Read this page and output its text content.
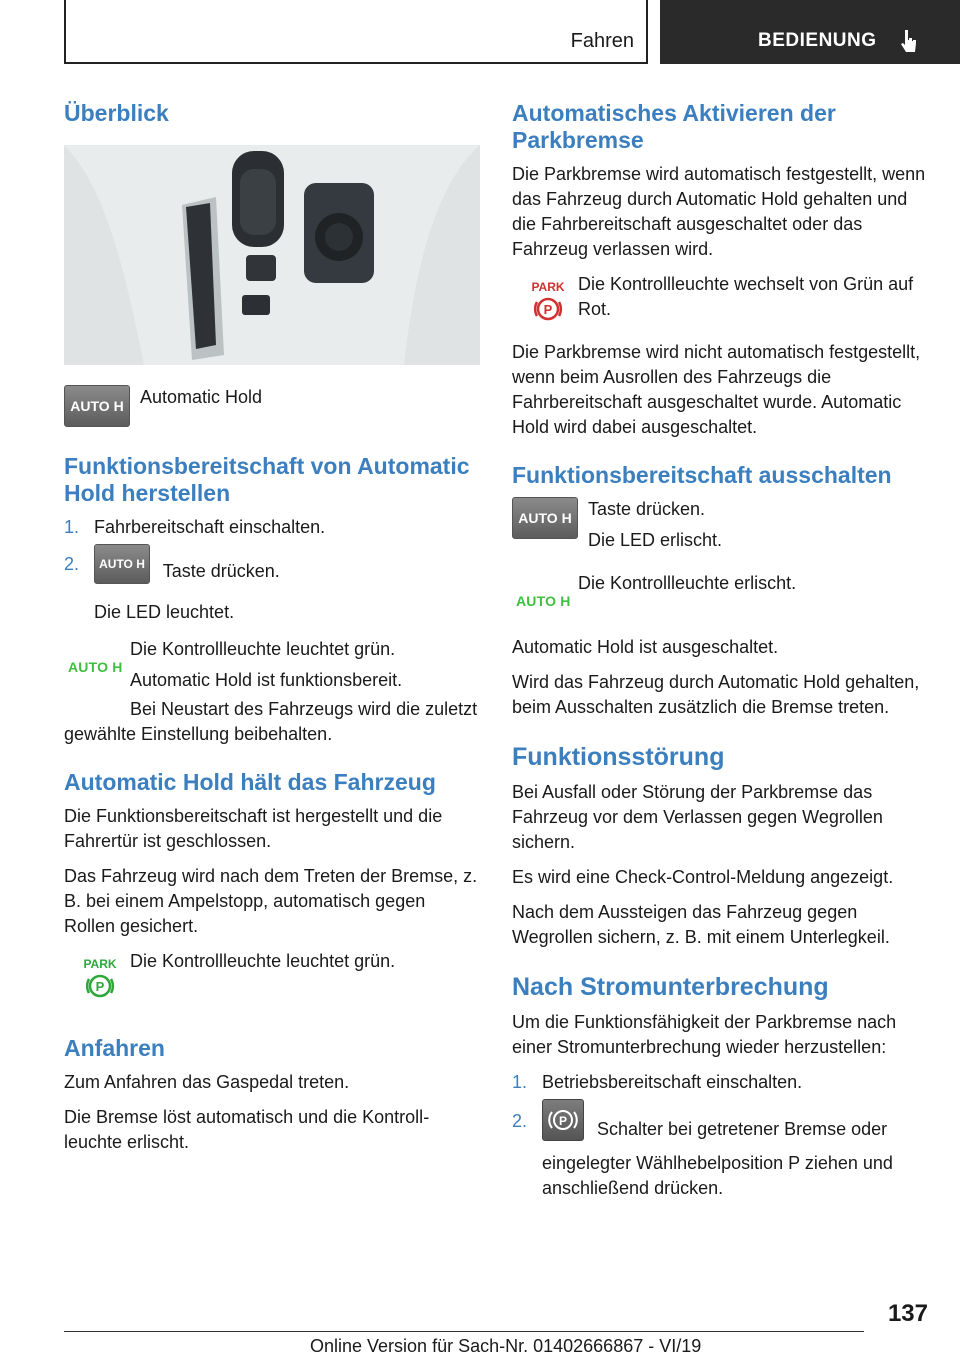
Fahren	BEDIENUNG
Überblick
AUTO H Automatic Hold

Funktionsbereitschaft von Automatic Hold herstellen
1. Fahrbereitschaft einschalten.
2. AUTO H Taste drücken.

Die LED leuchtet.

AUTO H

Die Kontrollleuchte leuchtet grün.

Automatic Hold ist funktionsbereit.

Bei Neustart des Fahrzeugs wird die zuletzt gewählte Einstellung beibehalten.

Automatic Hold hält das Fahrzeug

Die Funktionsbereitschaft ist hergestellt und die Fahrertür ist geschlossen.

Das Fahrzeug wird nach dem Treten der Bremse, z. B. bei einem Ampelstopp, automatisch gegen Rollen gesichert.

PARK
P

Die Kontrollleuchte leuchtet grün.

Anfahren

Zum Anfahren das Gaspedal treten.

Die Bremse löst automatisch und die Kontrollleuchte erlischt.

Automatisches Aktivieren der Parkbremse

Die Parkbremse wird automatisch festgestellt, wenn das Fahrzeug durch Automatic Hold gehalten und die Fahrbereitschaft ausgeschaltet oder das Fahrzeug verlassen wird.

PARK
P

Die Kontrollleuchte wechselt von Grün auf Rot.

Die Parkbremse wird nicht automatisch festgestellt, wenn beim Ausrollen des Fahrzeugs die Fahrbereitschaft ausgeschaltet wurde. Automatic Hold wird dabei ausgeschaltet.

Funktionsbereitschaft ausschalten
AUTO H Taste drücken.

Die LED erlischt.

AUTO H

Die Kontrollleuchte erlischt.

Automatic Hold ist ausgeschaltet.

Wird das Fahrzeug durch Automatic Hold gehalten, beim Ausschalten zusätzlich die Bremse treten.

Funktionsstörung

Bei Ausfall oder Störung der Parkbremse das Fahrzeug vor dem Verlassen gegen Wegrollen sichern.

Es wird eine Check-Control-Meldung angezeigt.

Nach dem Aussteigen das Fahrzeug gegen Wegrollen sichern, z. B. mit einem Unterlegkeil.

Nach Stromunterbrechung

Um die Funktionsfähigkeit der Parkbremse nach einer Stromunterbrechung wieder herzustellen:

1. Betriebsbereitschaft einschalten.
2.	P Schalter bei getretener Bremse oder eingelegter Wählhebelposition P ziehen und anschließend drücken.
137
Online Version für Sach-Nr. 01402666867 - VI/19
